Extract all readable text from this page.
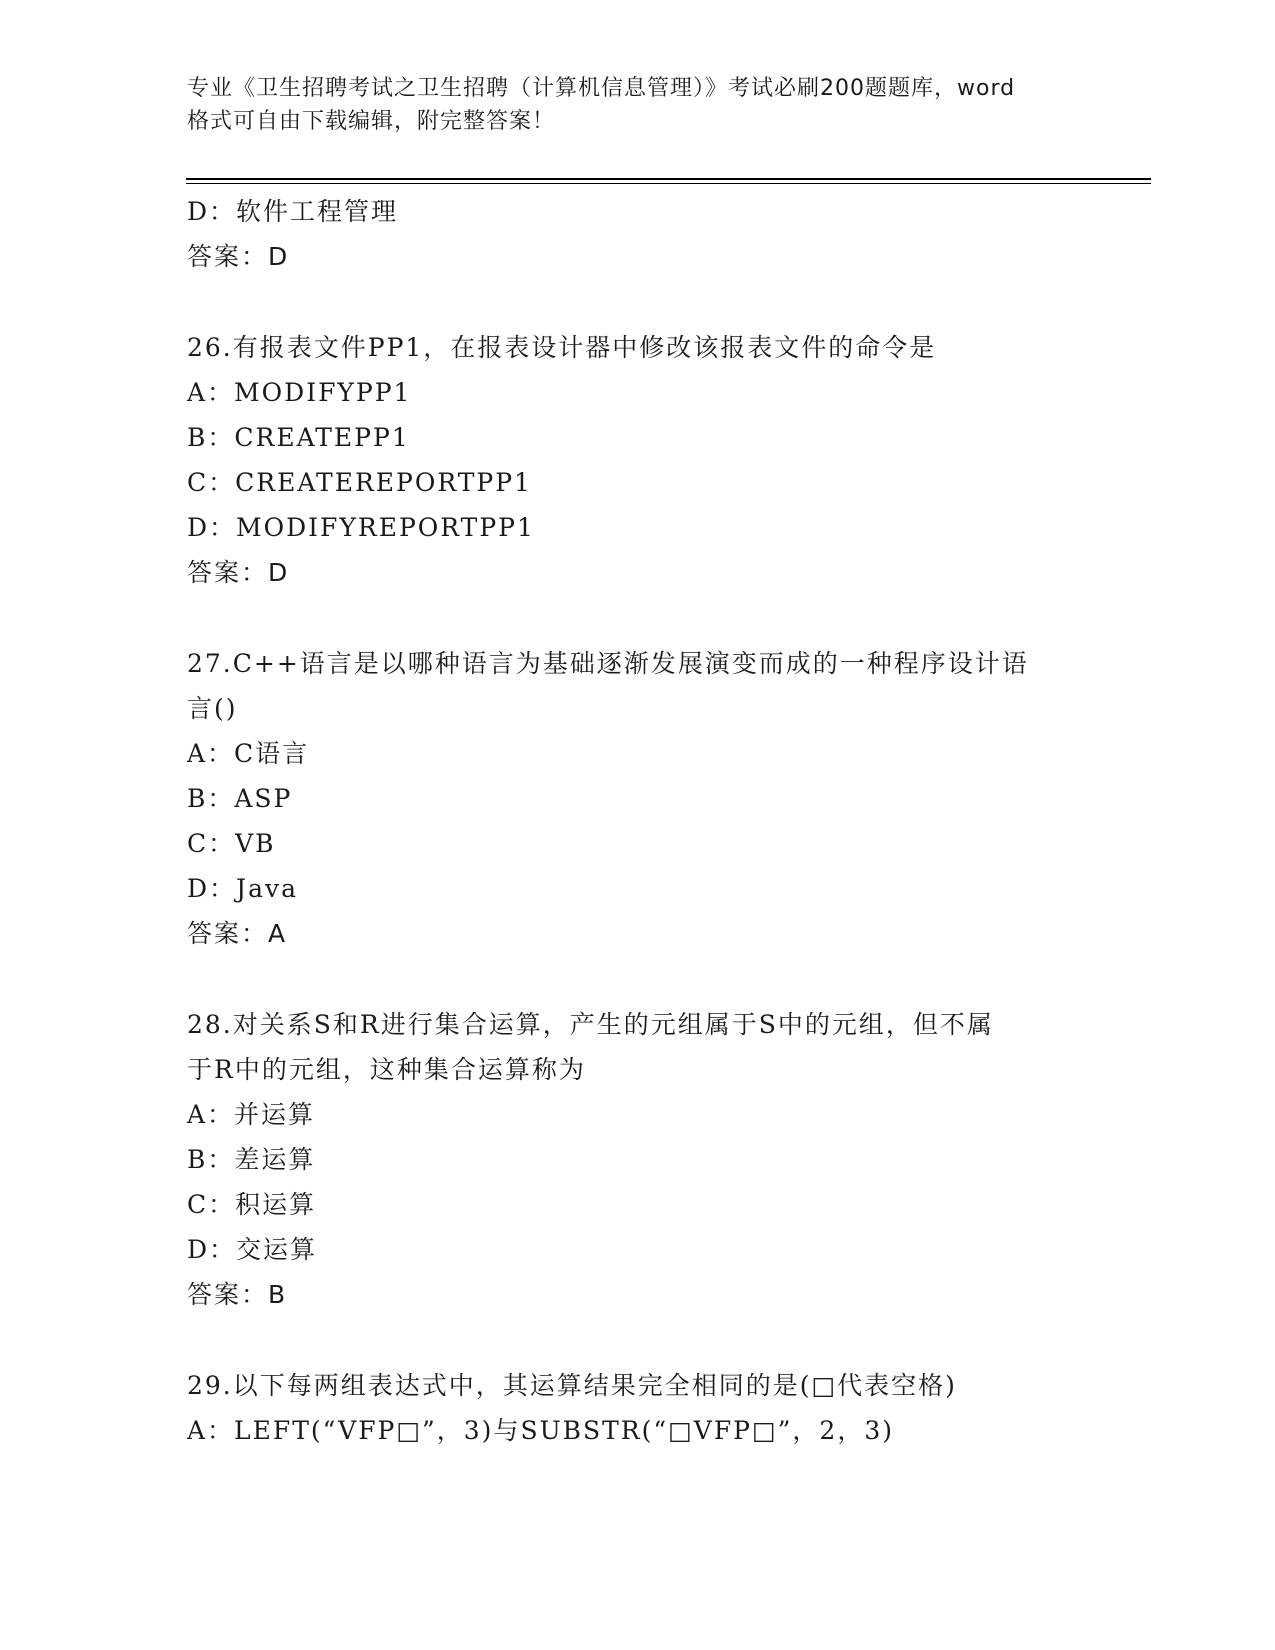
专业《卫生招聘考试之卫生招聘（计算机信息管理）》考试必刷200题题库，word
格式可自由下载编辑，附完整答案！
D：软件工程管理
答案：D
26.有报表文件PP1，在报表设计器中修改该报表文件的命令是
A：MODIFYPP1
B：CREATEPP1
C：CREATEREPORTPP1
D：MODIFYREPORTPP1
答案：D
27.C++语言是以哪种语言为基础逐渐发展演变而成的一种程序设计语
言()
A：C语言
B：ASP
C：VB
D：Java
答案：A
28.对关系S和R进行集合运算，产生的元组属于S中的元组，但不属
于R中的元组，这种集合运算称为
A：并运算
B：差运算
C：积运算
D：交运算
答案：B
29.以下每两组表达式中，其运算结果完全相同的是(□代表空格)
A：LEFT(“VFP□”，3)与SUBSTR(“□VFP□”，2，3)
